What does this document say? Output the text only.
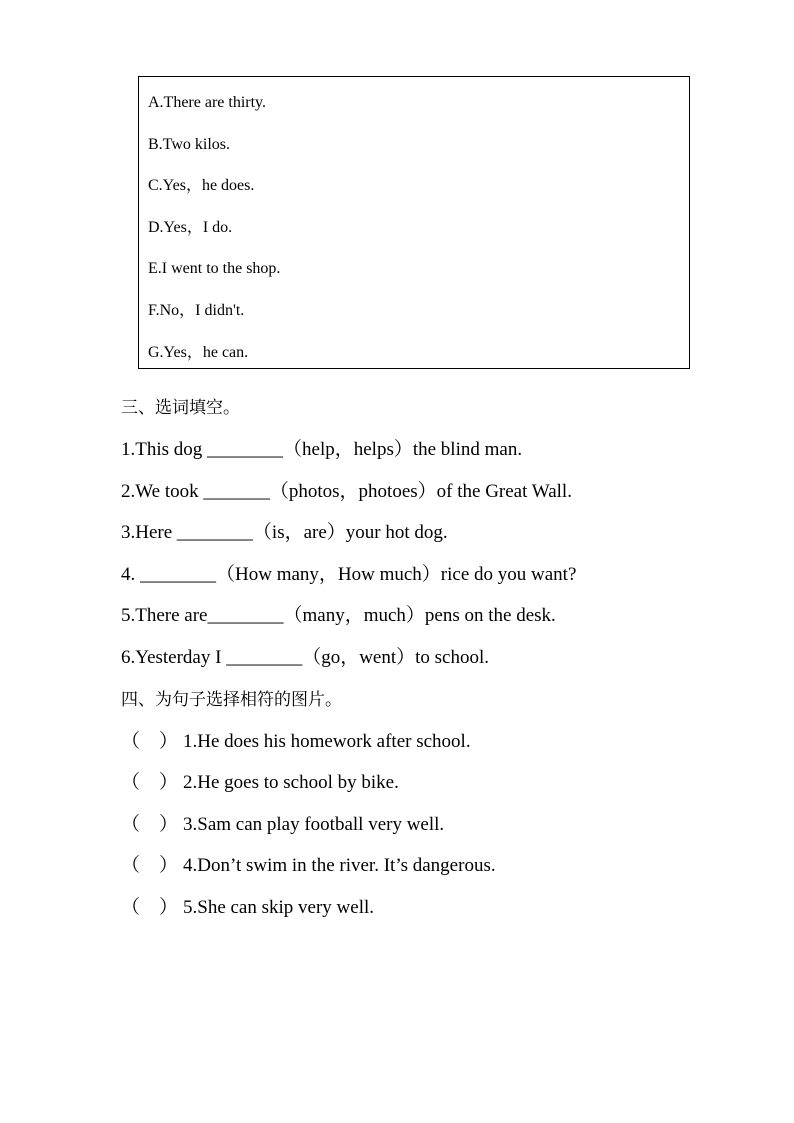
A.There are thirty.
B.Two kilos.
C.Yes，he does.
D.Yes，I do.
E.I went to the shop.
F.No，I didn't.
G.Yes，he can.
三、选词填空。
1.This dog ________（help，helps）the blind man.
2.We took _______（photos，photoes）of the Great Wall.
3.Here ________（is，are）your hot dog.
4. ________（How many，How much）rice do you want?
5.There are________（many，much）pens on the desk.
6.Yesterday I ________（go，went）to school.
四、为句子选择相符的图片。
（　） 1.He does his homework after school.
（　） 2.He goes to school by bike.
（　） 3.Sam can play football very well.
（　） 4.Don’t swim in the river. It’s dangerous.
（　） 5.She can skip very well.
